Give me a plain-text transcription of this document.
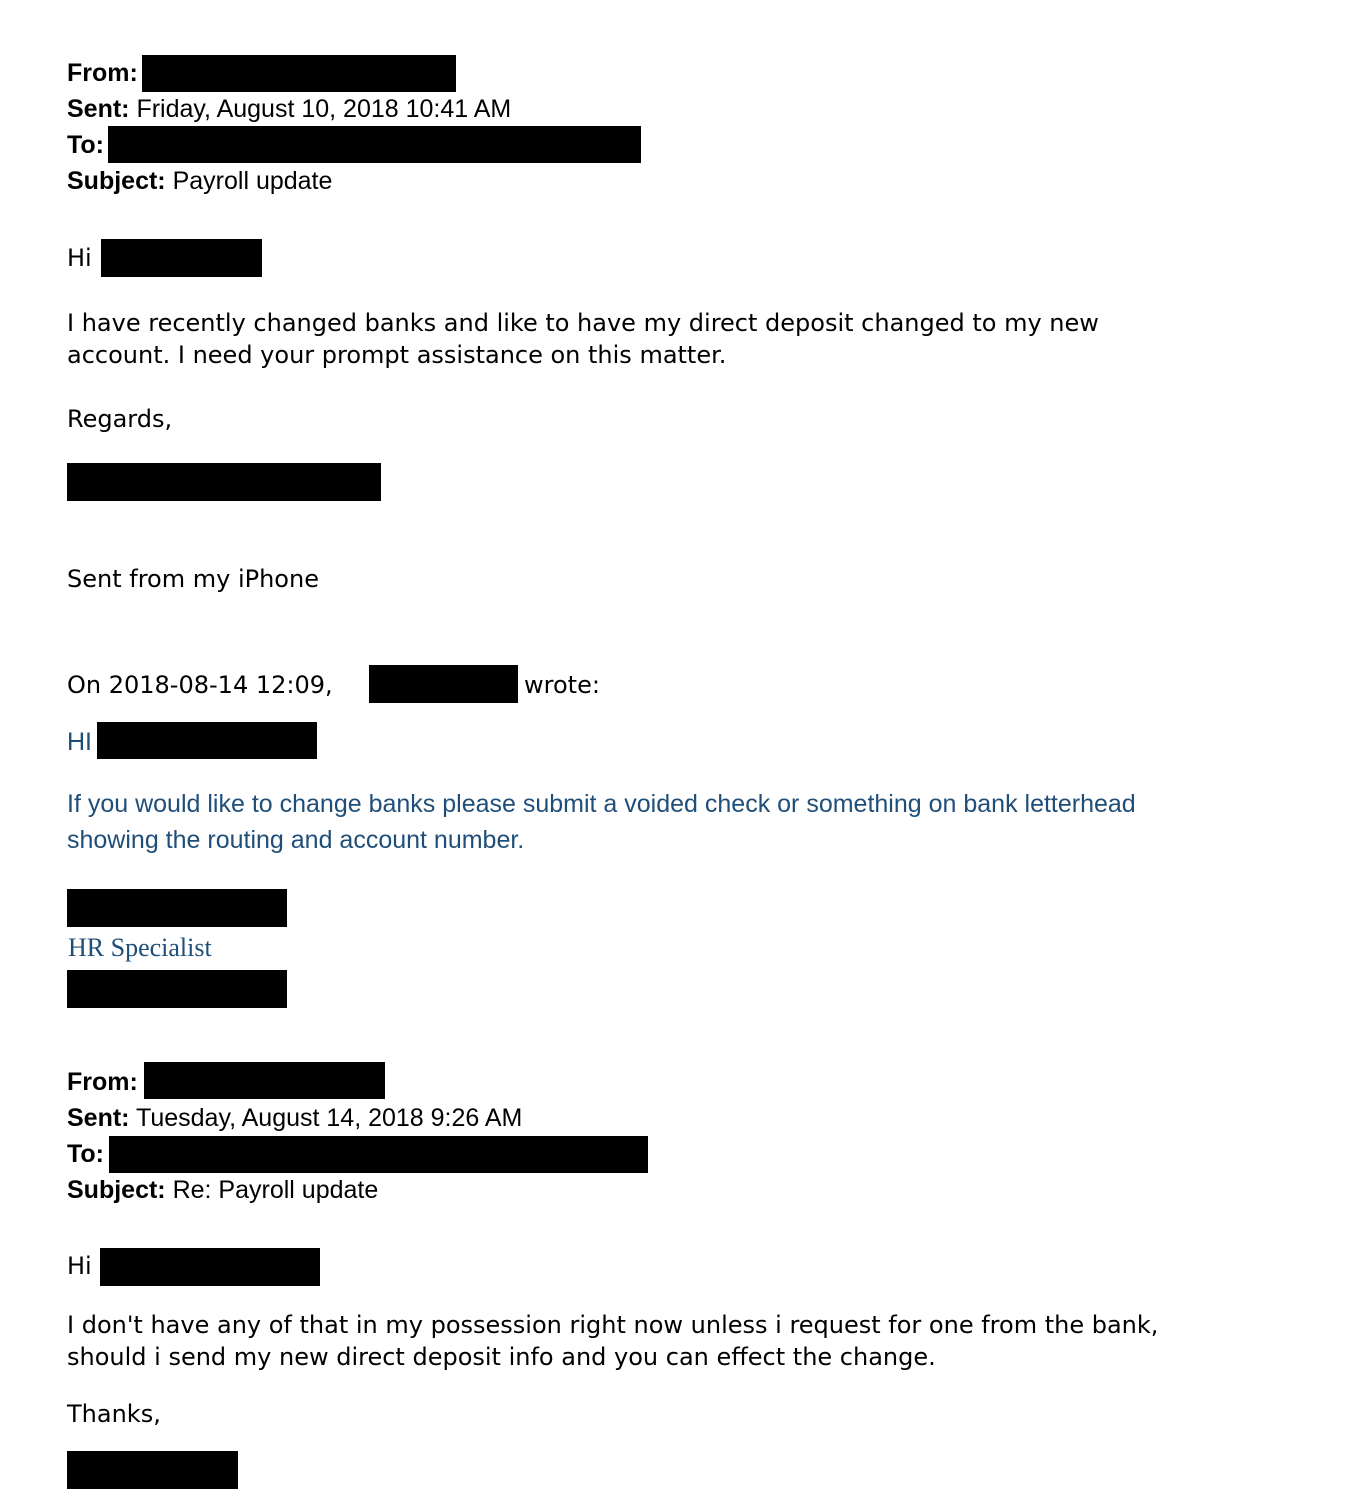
From:
Sent: Friday, August 10, 2018 10:41 AM
To:
Subject: Payroll update
Hi
I have recently changed banks and like to have my direct deposit changed to my new
account. I need your prompt assistance on this matter.
Regards,
Sent from my iPhone
On 2018-08-14 12:09,	wrote:
HI
If you would like to change banks please submit a voided check or something on bank letterhead
showing the routing and account number.
HR Specialist
From:
Sent: Tuesday, August 14, 2018 9:26 AM
To:
Subject: Re: Payroll update
Hi
I don't have any of that in my possession right now unless i request for one from the bank,
should i send my new direct deposit info and you can effect the change.
Thanks,
